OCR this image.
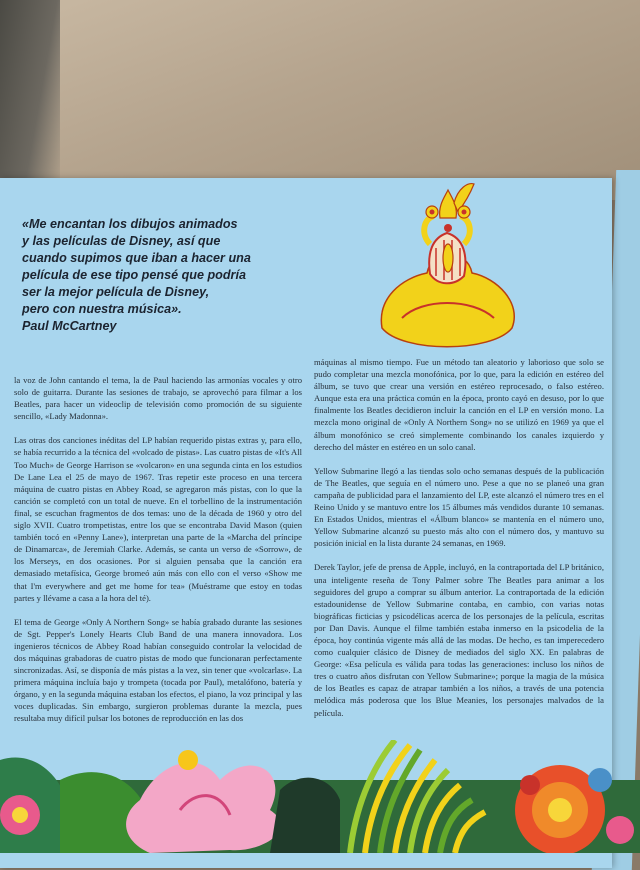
«Me encantan los dibujos animados
y las películas de Disney, así que
cuando supimos que iban a hacer una
película de ese tipo pensé que podría
ser la mejor película de Disney,
pero con nuestra música».
Paul McCartney

la voz de John cantando el tema, la de Paul haciendo las armonías vocales y otro solo de guitarra. Durante las sesiones de trabajo, se aprovechó para filmar a los Beatles, para hacer un videoclip de televisión como promoción de su siguiente sencillo, «Lady Madonna».

Las otras dos canciones inéditas del LP habían requerido pistas extras y, para ello, se había recurrido a la técnica del «volcado de pistas». Las cuatro pistas de «It's All Too Much» de George Harrison se «volcaron» en una segunda cinta en los estudios De Lane Lea el 25 de mayo de 1967. Tras repetir este proceso en una tercera máquina de cuatro pistas en Abbey Road, se agregaron más pistas, con lo que la canción se completó con un total de nueve. En el torbellino de la instrumentación final, se escuchan fragmentos de dos temas: uno de la década de 1960 y otro del siglo XVII. Cuatro trompetistas, entre los que se encontraba David Mason (quien también tocó en «Penny Lane»), interpretan una parte de la «Marcha del príncipe de Dinamarca», de Jeremiah Clarke. Además, se canta un verso de «Sorrow», de los Merseys, en dos ocasiones. Por si alguien pensaba que la canción era demasiado metafísica, George bromeó aún más con ello con el verso «Show me that I'm everywhere and get me home for tea» (Muéstrame que estoy en todas partes y llévame a casa a la hora del té).

El tema de George «Only A Northern Song» se había grabado durante las sesiones de Sgt. Pepper's Lonely Hearts Club Band de una manera innovadora. Los ingenieros técnicos de Abbey Road habían conseguido controlar la velocidad de dos máquinas grabadoras de cuatro pistas de modo que funcionaran perfectamente sincronizadas. Así, se disponía de más pistas a la vez, sin tener que «volcarlas». La primera máquina incluía bajo y trompeta (tocada por Paul), metalófono, batería y órgano, y en la segunda máquina estaban los efectos, el piano, la voz principal y las voces duplicadas. Sin embargo, surgieron problemas durante la mezcla, pues resultaba muy difícil pulsar los botones de reproducción en las dos

máquinas al mismo tiempo. Fue un método tan aleatorio y laborioso que solo se pudo completar una mezcla monofónica, por lo que, para la edición en estéreo del álbum, se tuvo que crear una versión en estéreo reprocesado, o falso estéreo. Aunque esta era una práctica común en la época, pronto cayó en desuso, por lo que finalmente los Beatles decidieron incluir la canción en el LP en versión mono. La mezcla mono original de «Only A Northern Song» no se utilizó en 1969 ya que el álbum monofónico se creó simplemente combinando los canales izquierdo y derecho del máster en estéreo en un solo canal.

Yellow Submarine llegó a las tiendas solo ocho semanas después de la publicación de The Beatles, que seguía en el número uno. Pese a que no se planeó una gran campaña de publicidad para el lanzamiento del LP, este alcanzó el número tres en el Reino Unido y se mantuvo entre los 15 álbumes más vendidos durante 10 semanas. En Estados Unidos, mientras el «Álbum blanco» se mantenía en el número uno, Yellow Submarine alcanzó su puesto más alto con el número dos, y mantuvo su posición inicial en la lista durante 24 semanas, en 1969.

Derek Taylor, jefe de prensa de Apple, incluyó, en la contraportada del LP británico, una inteligente reseña de Tony Palmer sobre The Beatles para animar a los seguidores del grupo a comprar su álbum anterior. La contraportada de la edición estadounidense de Yellow Submarine contaba, en cambio, con varias notas biográficas ficticias y psicodélicas acerca de los personajes de la película, escritas por Dan Davis. Aunque el filme también estaba inmerso en la psicodelia de la época, hoy continúa vigente más allá de las modas. De hecho, es tan imperecedero como cualquier clásico de Disney de mediados del siglo XX. En palabras de George: «Esa película es válida para todas las generaciones: incluso los niños de tres o cuatro años disfrutan con Yellow Submarine»; porque la magia de la música de los Beatles es capaz de atrapar también a los niños, a través de una potencia melódica más poderosa que los Blue Meanies, los personajes malvados de la película.
